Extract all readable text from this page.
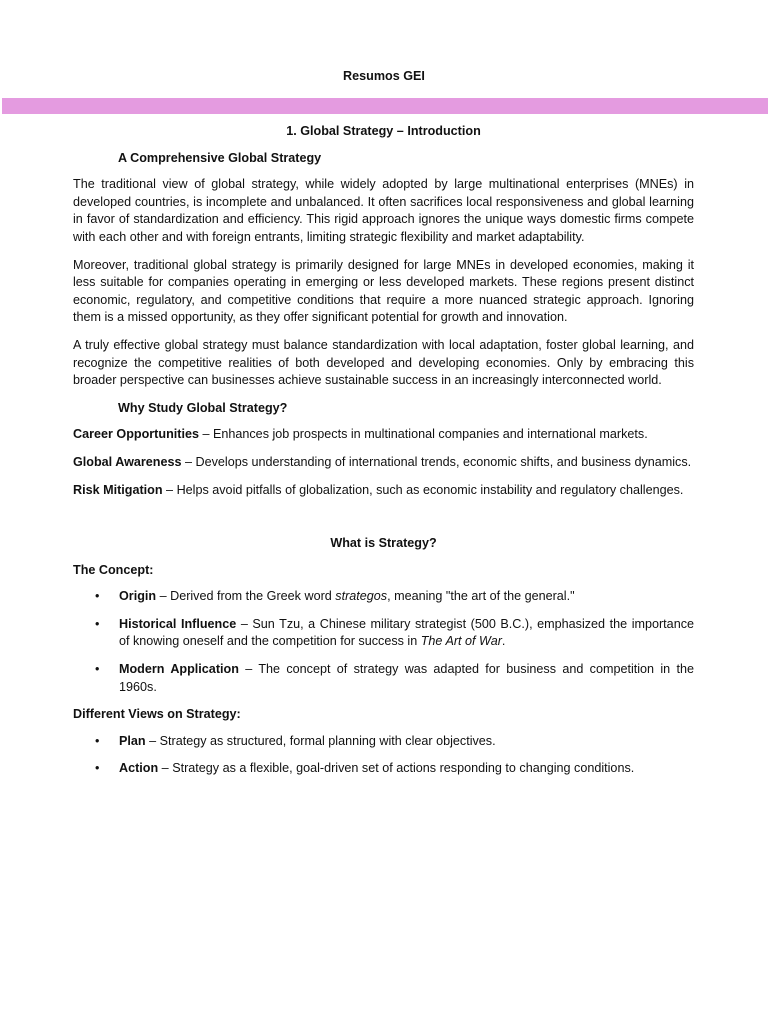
Resumos GEI
1. Global Strategy – Introduction
A Comprehensive Global Strategy

The traditional view of global strategy, while widely adopted by large multinational enterprises (MNEs) in developed countries, is incomplete and unbalanced. It often sacrifices local responsiveness and global learning in favor of standardization and efficiency. This rigid approach ignores the unique ways domestic firms compete with each other and with foreign entrants, limiting strategic flexibility and market adaptability.

Moreover, traditional global strategy is primarily designed for large MNEs in developed economies, making it less suitable for companies operating in emerging or less developed markets. These regions present distinct economic, regulatory, and competitive conditions that require a more nuanced strategic approach. Ignoring them is a missed opportunity, as they offer significant potential for growth and innovation.

A truly effective global strategy must balance standardization with local adaptation, foster global learning, and recognize the competitive realities of both developed and developing economies. Only by embracing this broader perspective can businesses achieve sustainable success in an increasingly interconnected world.

Why Study Global Strategy?

Career Opportunities – Enhances job prospects in multinational companies and international markets.

Global Awareness – Develops understanding of international trends, economic shifts, and business dynamics.

Risk Mitigation – Helps avoid pitfalls of globalization, such as economic instability and regulatory challenges.

What is Strategy?
The Concept:
• Origin – Derived from the Greek word strategos, meaning "the art of the general."
• Historical Influence – Sun Tzu, a Chinese military strategist (500 B.C.), emphasized the importance of knowing oneself and the competition for success in The Art of War.
• Modern Application – The concept of strategy was adapted for business and competition in the 1960s.
Different Views on Strategy:
• Plan – Strategy as structured, formal planning with clear objectives.
• Action – Strategy as a flexible, goal-driven set of actions responding to changing conditions.
